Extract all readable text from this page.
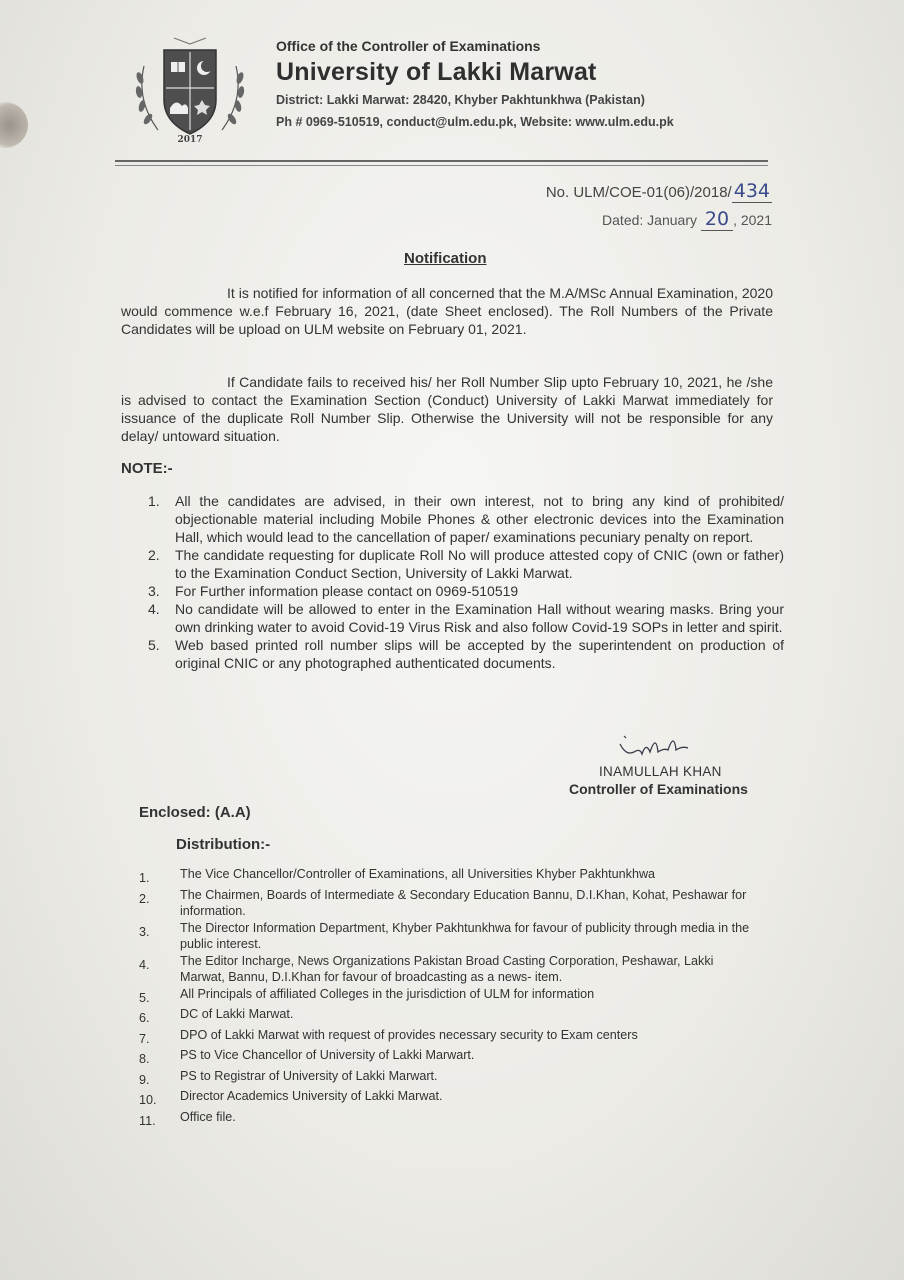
2017
Office of the Controller of Examinations
University of Lakki Marwat
District: Lakki Marwat: 28420, Khyber Pakhtunkhwa (Pakistan)
Ph # 0969-510519, conduct@ulm.edu.pk, Website: www.ulm.edu.pk
No. ULM/COE-01(06)/2018/ 434
Dated: January 20 , 2021
Notification
It is notified for information of all concerned that the M.A/MSc Annual Examination, 2020 would commence w.e.f February 16, 2021, (date Sheet enclosed). The Roll Numbers of the Private Candidates will be upload on ULM website on February 01, 2021.
If Candidate fails to received his/ her Roll Number Slip upto February 10, 2021, he /she is advised to contact the Examination Section (Conduct) University of Lakki Marwat immediately for issuance of the duplicate Roll Number Slip. Otherwise the University will not be responsible for any delay/ untoward situation.
NOTE:-
1.	All the candidates are advised, in their own interest, not to bring any kind of prohibited/ objectionable material including Mobile Phones & other electronic devices into the Examination Hall, which would lead to the cancellation of paper/ examinations pecuniary penalty on report.
2.	The candidate requesting for duplicate Roll No will produce attested copy of CNIC (own or father) to the Examination Conduct Section, University of Lakki Marwat.
3.	For Further information please contact on 0969-510519
4.	No candidate will be allowed to enter in the Examination Hall without wearing masks. Bring your own drinking water to avoid Covid-19 Virus Risk and also follow Covid-19 SOPs in letter and spirit.
5.	Web based printed roll number slips will be accepted by the superintendent on production of original CNIC or any photographed authenticated documents.
INAMULLAH KHAN
Controller of Examinations
Enclosed: (A.A)
Distribution:-
1.	The Vice Chancellor/Controller of Examinations, all Universities Khyber Pakhtunkhwa
2.	The Chairmen, Boards of Intermediate & Secondary Education Bannu, D.I.Khan, Kohat, Peshawar for information.
3.	The Director Information Department, Khyber Pakhtunkhwa for favour of publicity through media in the public interest.
4.	The Editor Incharge, News Organizations Pakistan Broad Casting Corporation, Peshawar, Lakki Marwat, Bannu, D.I.Khan for favour of broadcasting as a news- item.
5.	All Principals of affiliated Colleges in the jurisdiction of ULM for information
6.	DC of Lakki Marwat.
7.	DPO of Lakki Marwat with request of provides necessary security to Exam centers
8.	PS to Vice Chancellor of University of Lakki Marwart.
9.	PS to Registrar of University of Lakki Marwart.
10.	Director Academics University of Lakki Marwat.
11.	Office file.
